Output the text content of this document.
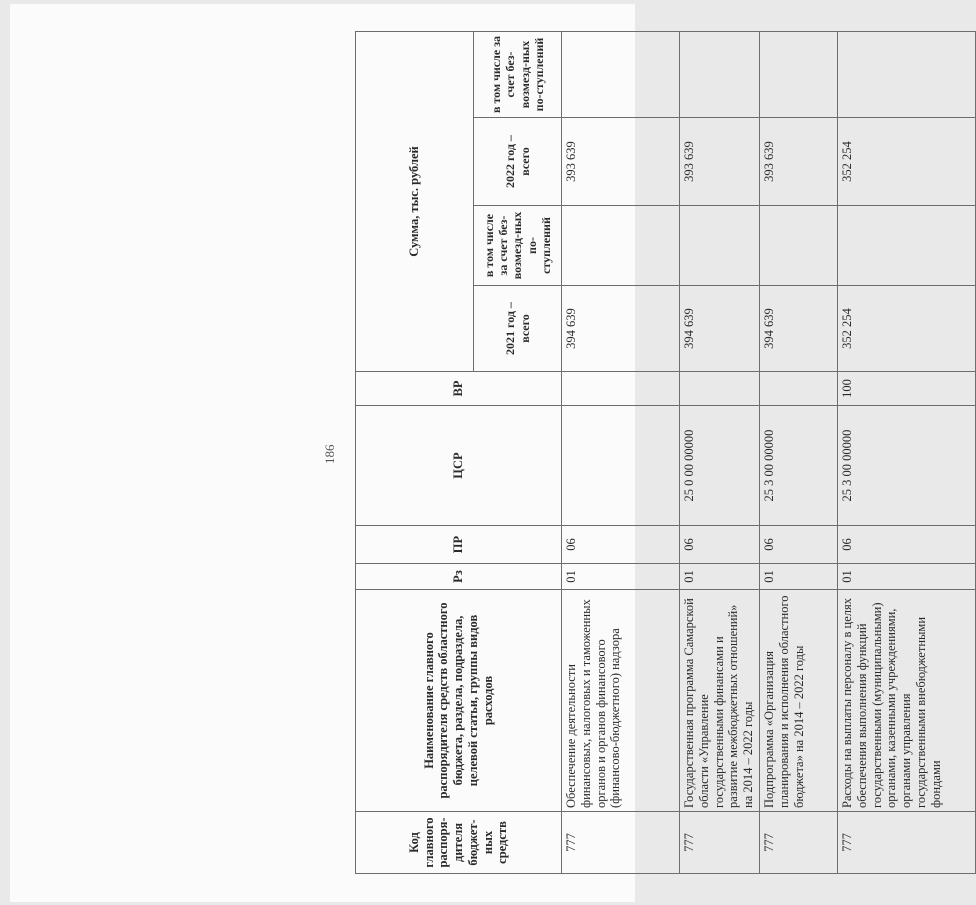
186
Код главного распоря-дителя бюджет-ных средств	Наименование главного распорядителя средств областного бюджета, раздела, подраздела, целевой статьи, группы видов расходов	Рз	ПР	ЦСР	ВР	Сумма, тыс. рублей			
						2021 год – всего	в том числе за счет без-возмезд-ных по-ступлений	2022 год – всего	в том числе за счет без-возмезд-ных по-ступлений
777	Обеспечение деятельности финансовых, налоговых и таможенных органов и органов финансового (финансово-бюджетного) надзора	01	06			394 639		393 639	
777	Государственная программа Самарской области «Управление государственными финансами и развитие межбюджетных отношений» на 2014 – 2022 годы	01	06	25 0 00 00000		394 639		393 639	
777	Подпрограмма «Организация планирования и исполнения областного бюджета» на 2014 – 2022 годы	01	06	25 3 00 00000		394 639		393 639	
777	Расходы на выплаты персоналу в целях обеспечения выполнения функций государственными (муниципальными) органами, казенными учреждениями, органами управления государственными внебюджетными фондами	01	06	25 3 00 00000	100	352 254		352 254	
